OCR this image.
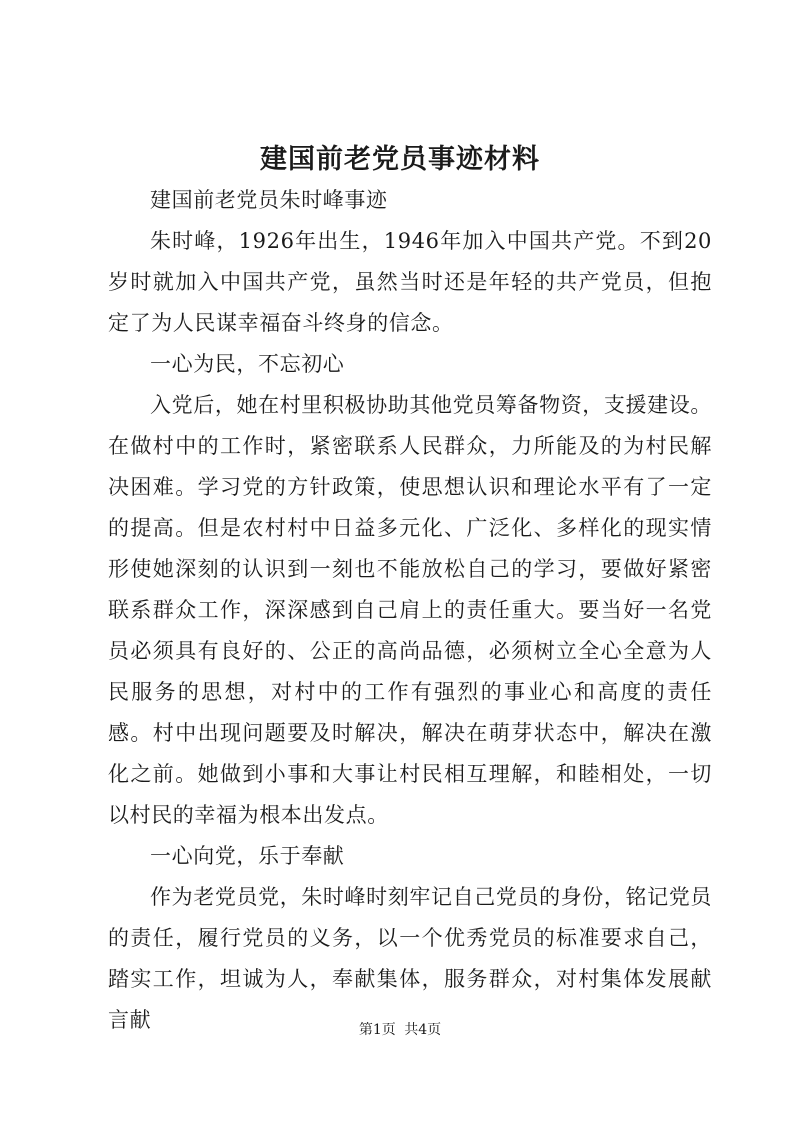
建国前老党员事迹材料

建国前老党员朱时峰事迹

朱时峰，1926年出生，1946年加入中国共产党。不到20岁时就加入中国共产党，虽然当时还是年轻的共产党员，但抱定了为人民谋幸福奋斗终身的信念。

一心为民，不忘初心

入党后，她在村里积极协助其他党员筹备物资，支援建设。在做村中的工作时，紧密联系人民群众，力所能及的为村民解决困难。学习党的方针政策，使思想认识和理论水平有了一定的提高。但是农村村中日益多元化、广泛化、多样化的现实情形使她深刻的认识到一刻也不能放松自己的学习，要做好紧密联系群众工作，深深感到自己肩上的责任重大。要当好一名党员必须具有良好的、公正的高尚品德，必须树立全心全意为人民服务的思想，对村中的工作有强烈的事业心和高度的责任感。村中出现问题要及时解决，解决在萌芽状态中，解决在激化之前。她做到小事和大事让村民相互理解，和睦相处，一切以村民的幸福为根本出发点。

一心向党，乐于奉献

作为老党员党，朱时峰时刻牢记自己党员的身份，铭记党员的责任，履行党员的义务，以一个优秀党员的标准要求自己，踏实工作，坦诚为人，奉献集体，服务群众，对村集体发展献言献	第1页 共4页
